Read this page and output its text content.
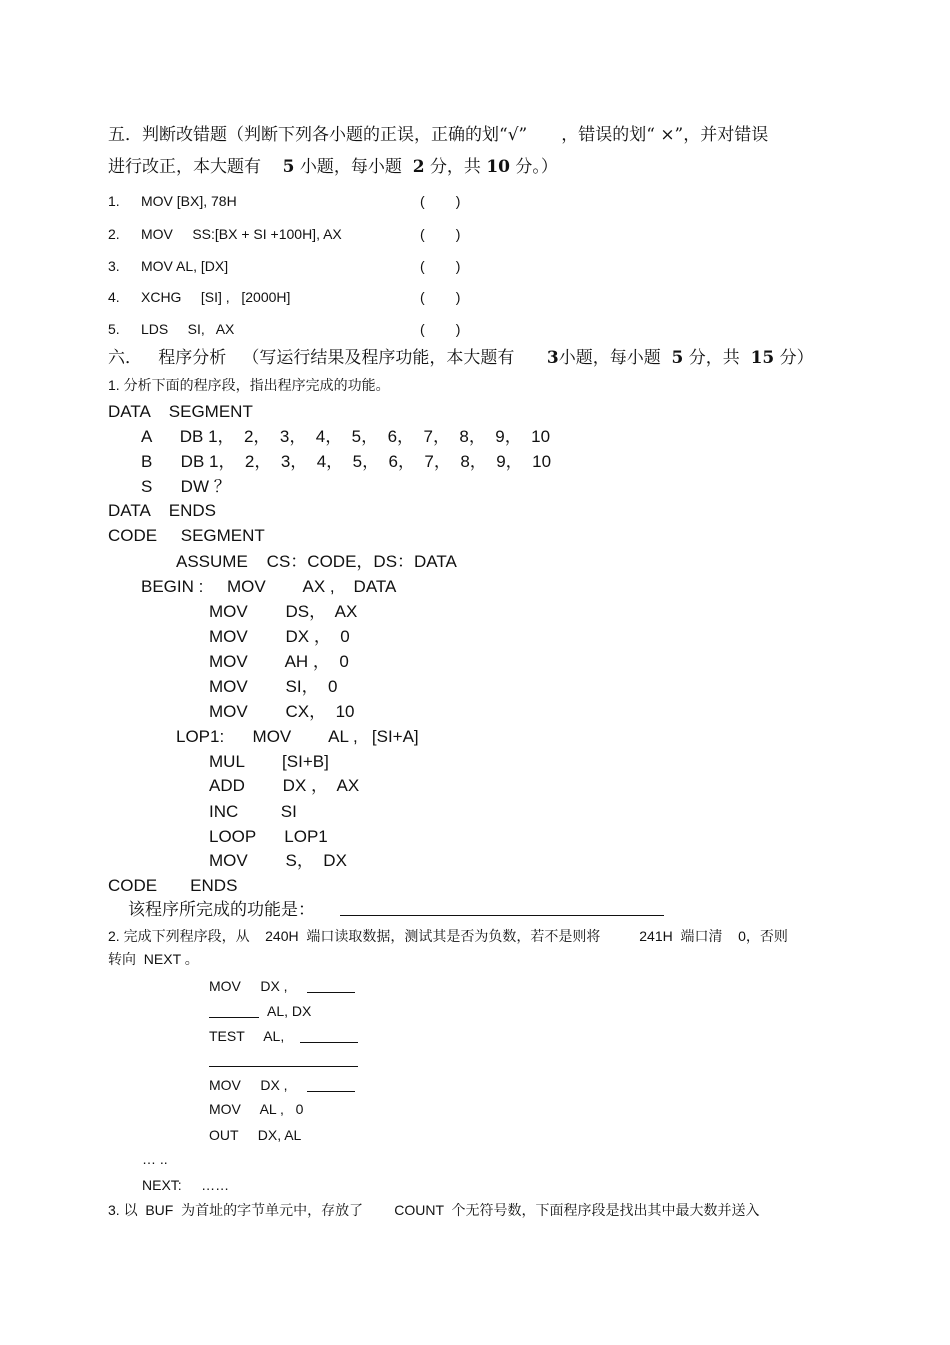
五．判断改错题（判断下列各小题的正误，正确的划“√” ，错误的划“ ×”，并对错误
进行改正，本大题有 5 小题，每小题 2 分，共 10 分。）
1. MOV [BX], 78H	(        )
2. MOV     SS:[BX + SI +100H], AX	(        )
3. MOV AL, [DX]	(        )
4. XCHG     [SI] ,   [2000H]	(        )
5. LDS     SI,   AX	(        )
六．   程序分析   （写运行结果及程序功能，本大题有 3小题，每小题 5 分，共 15 分）
1. 分析下面的程序段，指出程序完成的功能。
DATA    SEGMENT
A      DB 1，  2，  3，  4，  5，  6，  7，  8，  9，  10
B      DB 1，  2，  3，  4，  5，  6，  7，  8，  9，  10
S      DW ？
DATA    ENDS
CODE     SEGMENT
ASSUME    CS：CODE，DS：DATA
BEGIN :     MOV        AX ,    DATA
MOV        DS，  AX
MOV        DX ，  0
MOV        AH ，  0
MOV        SI，  0
MOV        CX，  10
LOP1:      MOV        AL ,   [SI+A]
MUL        [SI+B]
ADD        DX ，  AX
INC         SI
LOOP      LOP1
MOV        S，  DX
CODE       ENDS
该程序所完成的功能是：
2. 完成下列程序段，从    240H  端口读取数据，测试其是否为负数，若不是则将          241H  端口清    0，否则
转向  NEXT 。
MOV     DX ,
AL, DX
TEST     AL,
MOV     DX ,
MOV     AL ,   0
OUT     DX, AL
… ..
NEXT:     ……
3. 以  BUF  为首址的字节单元中，存放了        COUNT  个无符号数，下面程序段是找出其中最大数并送入
